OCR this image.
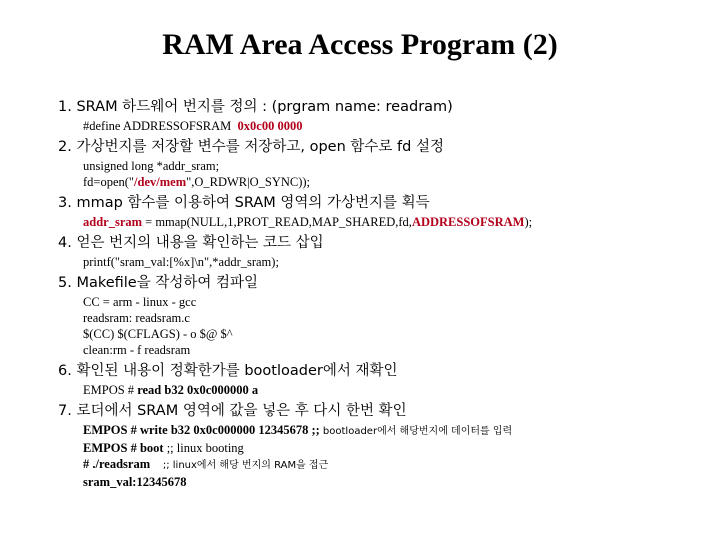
RAM Area Access Program (2)
1. SRAM 하드웨어 번지를 정의 : (prgram name: readram)
#define ADDRESSOFSRAM 0x0c00 0000
2. 가상번지를 저장할 변수를 저장하고, open 함수로 fd 설정
unsigned long *addr_sram;
fd=open("/dev/mem",O_RDWR|O_SYNC));
3. mmap 함수를 이용하여 SRAM 영역의 가상번지를 획득
addr_sram = mmap(NULL,1,PROT_READ,MAP_SHARED,fd,ADDRESSOFSRAM);
4. 얻은 번지의 내용을 확인하는 코드 삽입
printf("sram_val:[%x]\n",*addr_sram);
5. Makefile을 작성하여 컴파일
CC = arm - linux - gcc
readsram: readsram.c
$(CC) $(CFLAGS) - o $@ $^
clean:rm - f readsram
6. 확인된 내용이 정확한가를 bootloader에서 재확인
EMPOS # read b32 0x0c000000 a
7. 로더에서 SRAM 영역에 값을 넣은 후 다시 한번 확인
EMPOS # write b32 0x0c000000 12345678 ;; bootloader에서 해당번지에 데이터를 입력
EMPOS # boot ;; linux booting
# ./readsram    ;; linux에서 해당 번지의 RAM을 접근
sram_val:12345678
